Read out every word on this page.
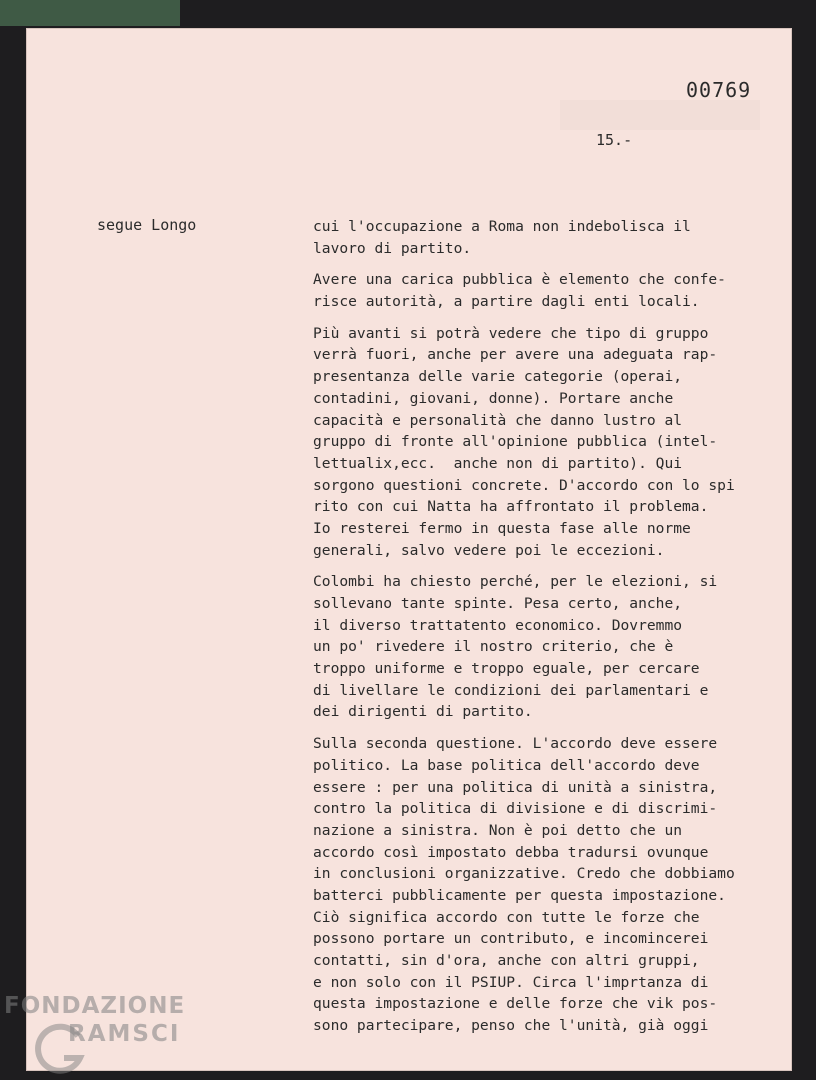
00769
15.-
segue Longo	cui l'occupazione a Roma non indebolisca il
lavoro di partito.
Avere una carica pubblica è elemento che confe-
risce autorità, a partire dagli enti locali.
Più avanti si potrà vedere che tipo di gruppo
verrà fuori, anche per avere una adeguata rap-
presentanza delle varie categorie (operai,
contadini, giovani, donne). Portare anche
capacità e personalità che danno lustro al
gruppo di fronte all'opinione pubblica (intel-
lettualix,ecc.  anche non di partito). Qui
sorgono questioni concrete. D'accordo con lo spi
rito con cui Natta ha affrontato il problema.
Io resterei fermo in questa fase alle norme
generali, salvo vedere poi le eccezioni.
Colombi ha chiesto perché, per le elezioni, si
sollevano tante spinte. Pesa certo, anche,
il diverso trattatento economico. Dovremmo
un po' rivedere il nostro criterio, che è
troppo uniforme e troppo eguale, per cercare
di livellare le condizioni dei parlamentari e
dei dirigenti di partito.
Sulla seconda questione. L'accordo deve essere
politico. La base politica dell'accordo deve
essere : per una politica di unità a sinistra,
contro la politica di divisione e di discrimi-
nazione a sinistra. Non è poi detto che un
accordo così impostato debba tradursi ovunque
in conclusioni organizzative. Credo che dobbiamo
batterci pubblicamente per questa impostazione.
Ciò significa accordo con tutte le forze che
possono portare un contributo, e incomincerei
contatti, sin d'ora, anche con altri gruppi,
e non solo con il PSIUP. Circa l'imprtanza di
questa impostazione e delle forze che vik pos-
sono partecipare, penso che l'unità, già oggi
FONDAZIONE
RAMSCI
